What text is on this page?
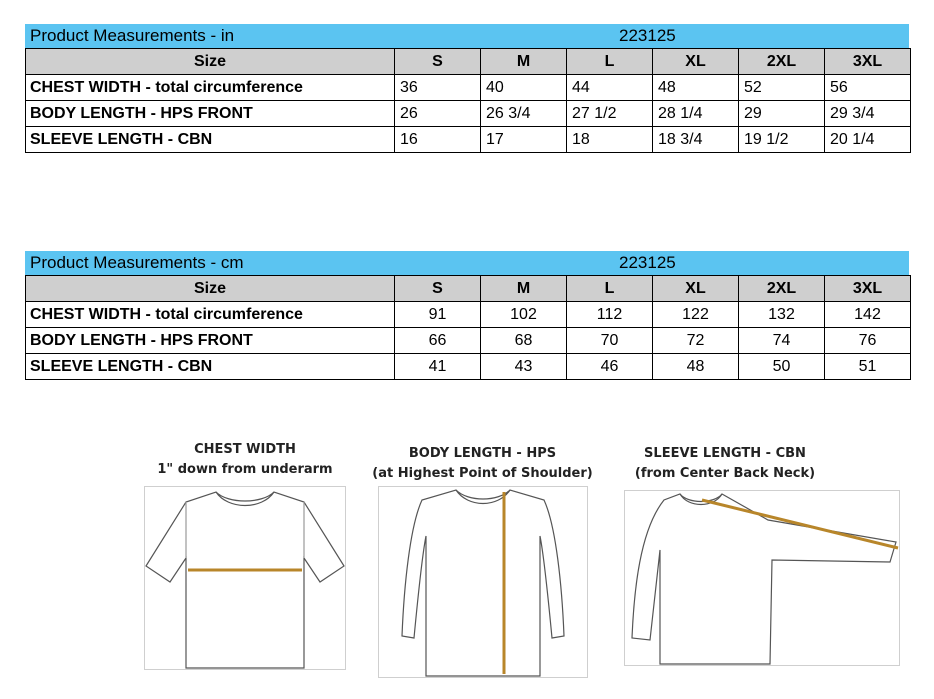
Product Measurements - in	223125
Size	S	M	L	XL	2XL	3XL
CHEST WIDTH - total circumference	36	40	44	48	52	56
BODY LENGTH - HPS FRONT	26	26 3/4	27 1/2	28 1/4	29	29 3/4
SLEEVE LENGTH - CBN	16	17	18	18 3/4	19 1/2	20 1/4
Product Measurements - cm	223125
Size	S	M	L	XL	2XL	3XL
CHEST WIDTH - total circumference	91	102	112	122	132	142
BODY LENGTH - HPS FRONT	66	68	70	72	74	76
SLEEVE LENGTH - CBN	41	43	46	48	50	51
CHEST WIDTH
1" down from underarm
BODY LENGTH - HPS
(at Highest Point of Shoulder)
SLEEVE LENGTH - CBN
(from Center Back Neck)
